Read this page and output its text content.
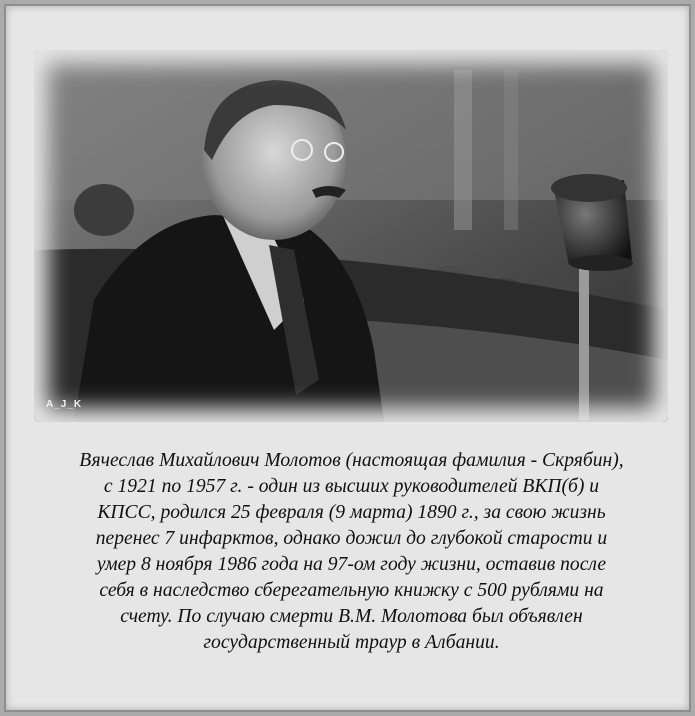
A_J_K
Вячеслав Михайлович Молотов (настоящая фамилия - Скрябин),
с 1921 по 1957 г. - один из высших руководителей ВКП(б) и
КПСС, родился 25 февраля (9 марта) 1890 г., за свою жизнь
перенес 7 инфарктов, однако дожил до глубокой старости и
умер 8 ноября 1986 года на 97-ом году жизни, оставив после
себя в наследство сберегательную книжку с 500 рублями на
счету. По случаю смерти В.М. Молотова был объявлен
государственный траур в Албании.
